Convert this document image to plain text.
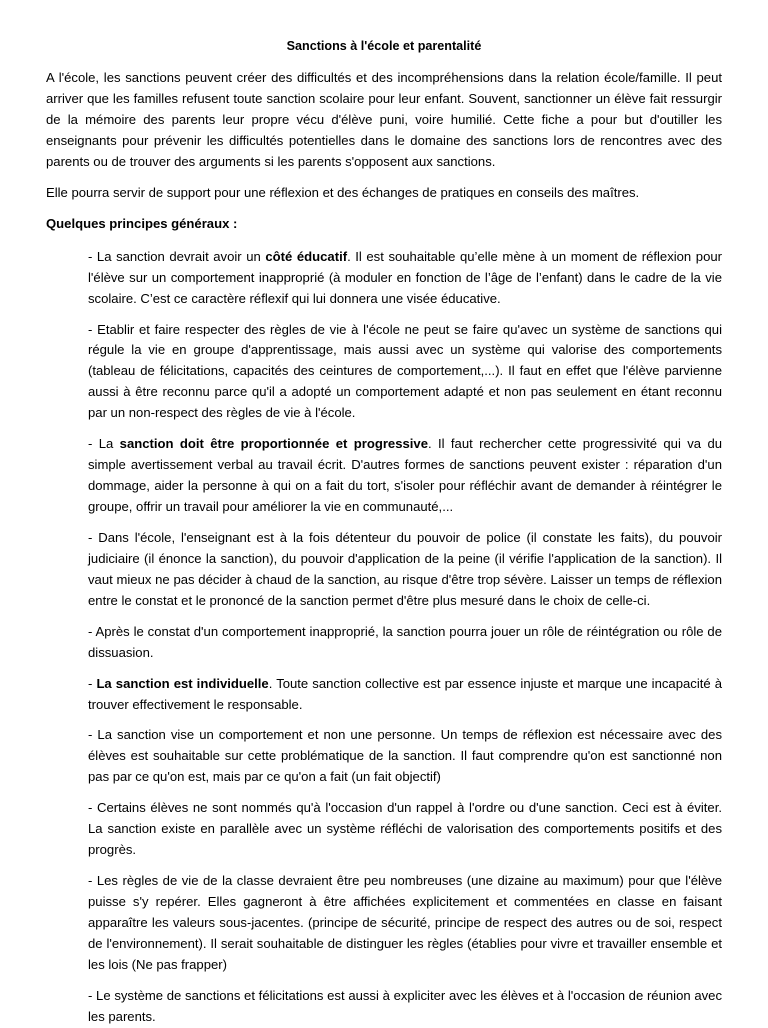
Sanctions à l'école et parentalité

A l'école, les sanctions peuvent créer des difficultés et des incompréhensions dans la relation école/famille. Il peut arriver que les familles refusent toute sanction scolaire pour leur enfant. Souvent, sanctionner un élève fait ressurgir de la mémoire des parents leur propre vécu d'élève puni, voire humilié. Cette fiche a pour but d'outiller les enseignants pour prévenir les difficultés potentielles dans le domaine des sanctions lors de rencontres avec des parents ou de trouver des arguments si les parents s'opposent aux sanctions.

Elle pourra servir de support pour une réflexion et des échanges de pratiques en conseils des maîtres.

Quelques principes généraux :

- La sanction devrait avoir un côté éducatif. Il est souhaitable qu’elle mène à un moment de réflexion pour l'élève sur un comportement inapproprié (à moduler en fonction de l’âge de l’enfant) dans le cadre de la vie scolaire. C’est ce caractère réflexif qui lui donnera une visée éducative.

- Etablir et faire respecter des règles de vie à l'école ne peut se faire qu'avec un système de sanctions qui régule la vie en groupe d'apprentissage, mais aussi avec un système qui valorise des comportements (tableau de félicitations, capacités des ceintures de comportement,...). Il faut en effet que l'élève parvienne aussi à être reconnu parce qu'il a adopté un comportement adapté et non pas seulement en étant reconnu par un non-respect des règles de vie à l'école.

- La sanction doit être proportionnée et progressive. Il faut rechercher cette progressivité qui va du simple avertissement verbal au travail écrit. D'autres formes de sanctions peuvent exister : réparation d'un dommage, aider la personne à qui on a fait du tort, s'isoler pour réfléchir avant de demander à réintégrer le groupe, offrir un travail pour améliorer la vie en communauté,...

- Dans l'école, l'enseignant est à la fois détenteur du pouvoir de police (il constate les faits), du pouvoir judiciaire (il énonce la sanction), du pouvoir d'application de la peine (il vérifie l'application de la sanction). Il vaut mieux ne pas décider à chaud de la sanction, au risque d'être trop sévère. Laisser un temps de réflexion entre le constat et le prononcé de la sanction permet d'être plus mesuré dans le choix de celle-ci.

- Après le constat d'un comportement inapproprié, la sanction pourra jouer un rôle de réintégration ou rôle de dissuasion.

- La sanction est individuelle. Toute sanction collective est par essence injuste et marque une incapacité à trouver effectivement le responsable.

- La sanction vise un comportement et non une personne. Un temps de réflexion est nécessaire avec des élèves est souhaitable sur cette problématique de la sanction. Il faut comprendre qu'on est sanctionné non pas par ce qu'on est, mais par ce qu'on a fait (un fait objectif)

- Certains élèves ne sont nommés qu'à l'occasion d'un rappel à l'ordre ou d'une sanction. Ceci est à éviter. La sanction existe en parallèle avec un système réfléchi de valorisation des comportements positifs et des progrès.

- Les règles de vie de la classe devraient être peu nombreuses (une dizaine au maximum) pour que l'élève puisse s'y repérer. Elles gagneront à être affichées explicitement et commentées en classe en faisant apparaître les valeurs sous-jacentes. (principe de sécurité, principe de respect des autres ou de soi, respect de l'environnement). Il serait souhaitable de distinguer les règles (établies pour vivre et travailler ensemble et les lois (Ne pas frapper)

- Le système de sanctions et félicitations est aussi à expliciter avec les élèves et à l'occasion de réunion avec les parents.
